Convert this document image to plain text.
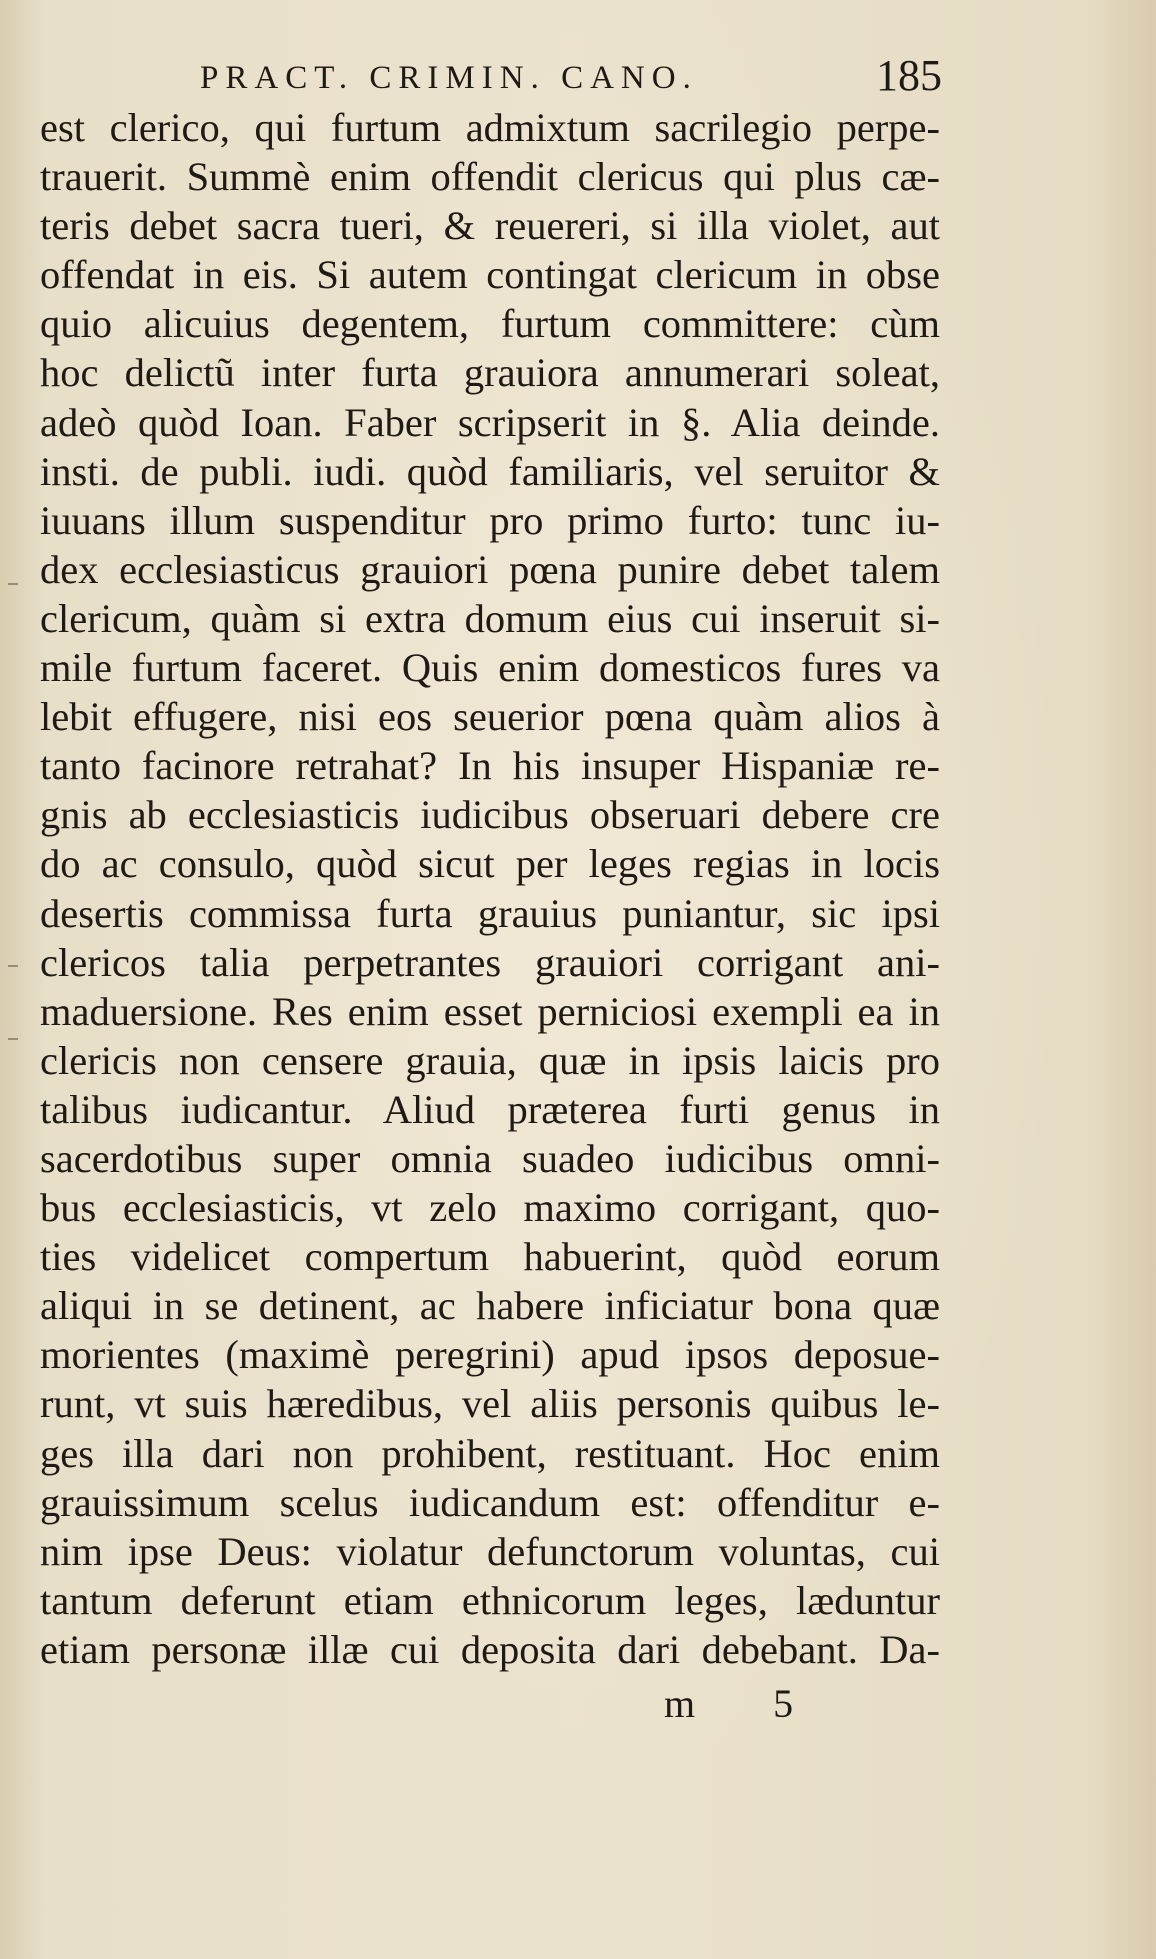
PRACT. CRIMIN. CANO.	185
est clerico, qui furtum admixtum sacrilegio perpe-
trauerit. Summè enim offendit clericus qui plus cæ-
teris debet sacra tueri, & reuereri, si illa violet, aut
offendat in eis. Si autem contingat clericum in obse
quio alicuius degentem, furtum committere: cùm
hoc delictũ inter furta grauiora annumerari soleat,
adeò quòd Ioan. Faber scripserit in §. Alia deinde.
insti. de publi. iudi. quòd familiaris, vel seruitor &
iuuans illum suspenditur pro primo furto: tunc iu-
dex ecclesiasticus grauiori pœna punire debet talem
clericum, quàm si extra domum eius cui inseruit si-
mile furtum faceret. Quis enim domesticos fures va
lebit effugere, nisi eos seuerior pœna quàm alios à
tanto facinore retrahat? In his insuper Hispaniæ re-
gnis ab ecclesiasticis iudicibus obseruari debere cre
do ac consulo, quòd sicut per leges regias in locis
desertis commissa furta grauius puniantur, sic ipsi
clericos talia perpetrantes grauiori corrigant ani-
maduersione. Res enim esset perniciosi exempli ea in
clericis non censere grauia, quæ in ipsis laicis pro
talibus iudicantur. Aliud præterea furti genus in
sacerdotibus super omnia suadeo iudicibus omni-
bus ecclesiasticis, vt zelo maximo corrigant, quo-
ties videlicet compertum habuerint, quòd eorum
aliqui in se detinent, ac habere inficiatur bona quæ
morientes (maximè peregrini) apud ipsos deposue-
runt, vt suis hæredibus, vel aliis personis quibus le-
ges illa dari non prohibent, restituant. Hoc enim
grauissimum scelus iudicandum est: offenditur e-
nim ipse Deus: violatur defunctorum voluntas, cui
tantum deferunt etiam ethnicorum leges, læduntur
etiam personæ illæ cui deposita dari debebant. Da-
m 5
